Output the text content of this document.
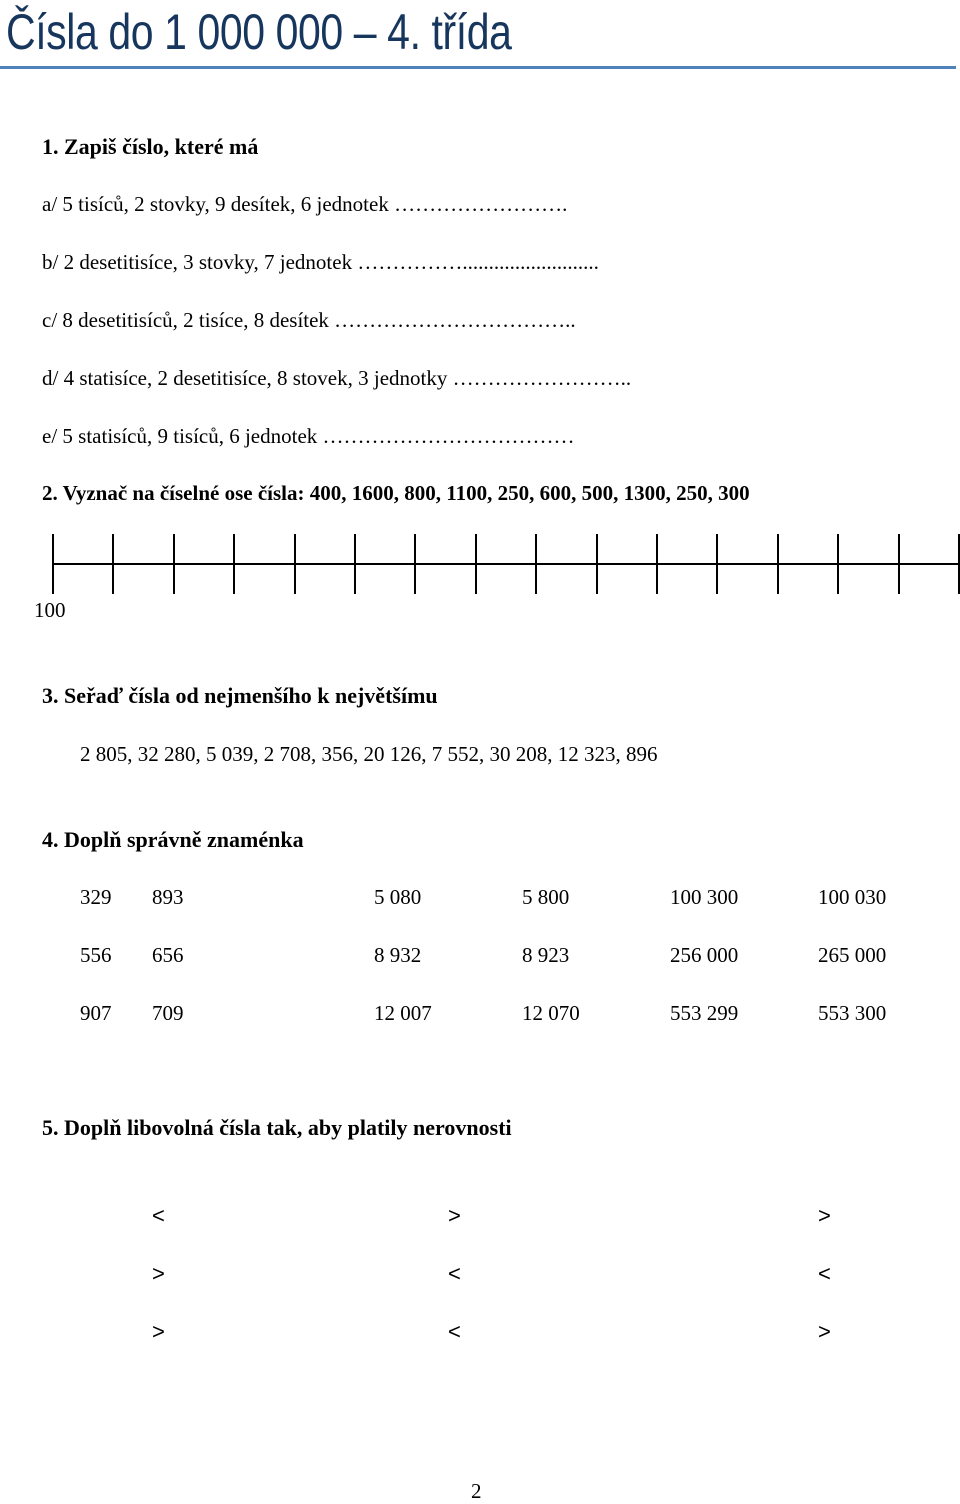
Čísla do 1 000 000 – 4. třída
1. Zapiš číslo, které má
a/ 5 tisíců, 2 stovky, 9 desítek, 6 jednotek …………………….
b/ 2 desetitisíce, 3 stovky, 7 jednotek ……………..........................
c/ 8 desetitisíců, 2 tisíce, 8 desítek ……………………………..
d/ 4 statisíce, 2 desetitisíce, 8 stovek, 3 jednotky ……………………..
e/ 5 statisíců, 9 tisíců, 6 jednotek ………………………………
2. Vyznač na číselné ose čísla: 400, 1600, 800, 1100, 250, 600, 500, 1300, 250, 300
100
3. Seřaď čísla od nejmenšího k největšímu
2 805, 32 280, 5 039, 2 708, 356, 20 126, 7 552, 30 208, 12 323, 896
4. Doplň správně znaménka
329 893	5 080	5 800	100 300	100 030
556 656	8 932	8 923	256 000	265 000
907 709	12 007	12 070	553 299	553 300
5. Doplň libovolná čísla tak, aby platily nerovnosti
<	>	>
>	<	<
>	<	>
2
